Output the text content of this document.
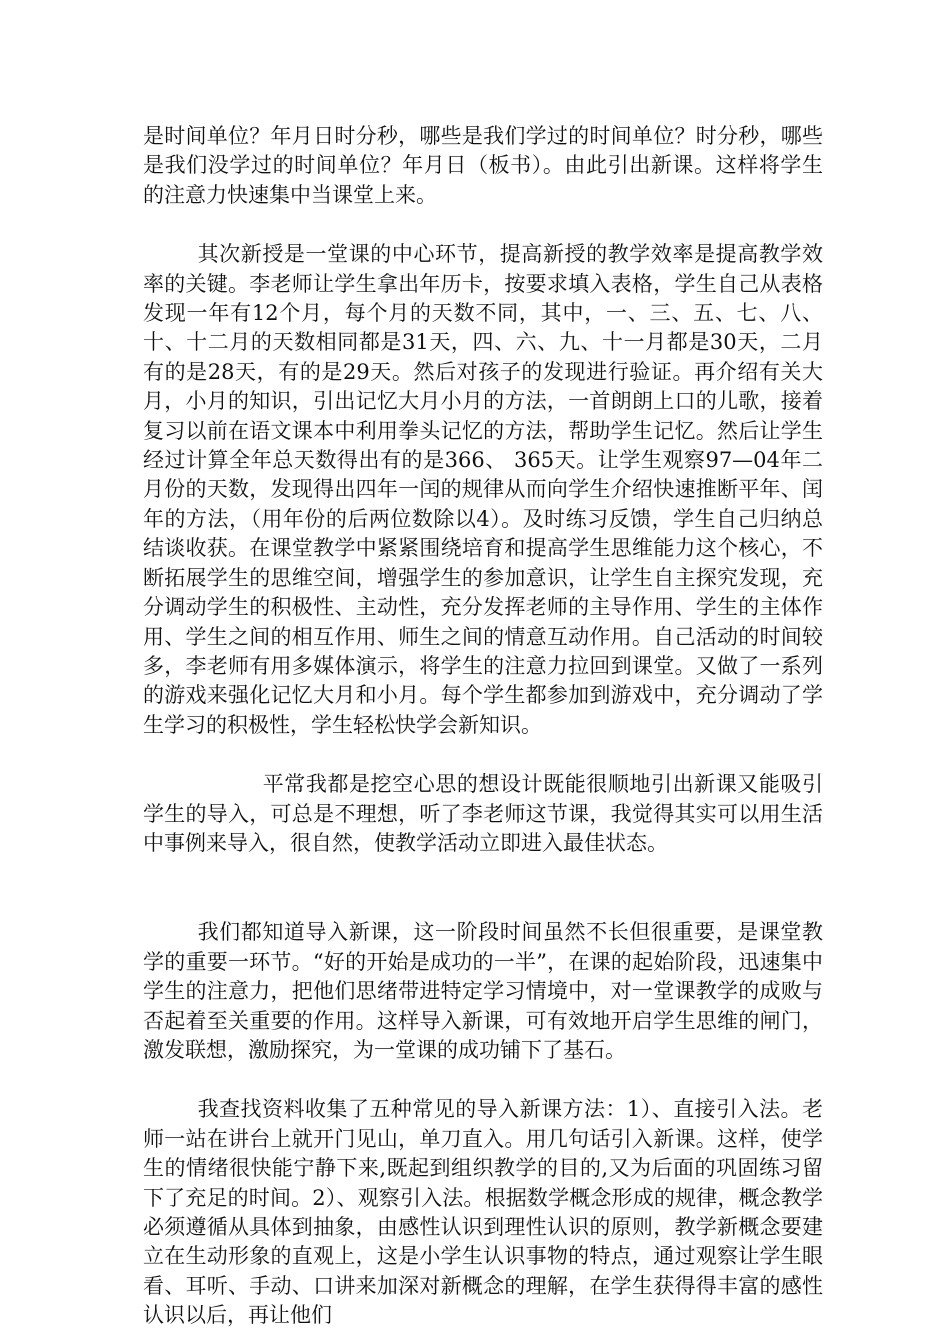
是时间单位？年月日时分秒，哪些是我们学过的时间单位？时分秒，哪些是我们没学过的时间单位？年月日（板书）。由此引出新课。这样将学生的注意力快速集中当课堂上来。

其次新授是一堂课的中心环节，提高新授的教学效率是提高教学效率的关键。李老师让学生拿出年历卡，按要求填入表格，学生自己从表格发现一年有12个月，每个月的天数不同，其中，一、三、五、七、八、十、十二月的天数相同都是31天，四、六、九、十一月都是30天，二月有的是28天，有的是29天。然后对孩子的发现进行验证。再介绍有关大月，小月的知识，引出记忆大月小月的方法，一首朗朗上口的儿歌，接着复习以前在语文课本中利用拳头记忆的方法，帮助学生记忆。然后让学生经过计算全年总天数得出有的是366、 365天。让学生观察97—04年二月份的天数，发现得出四年一闰的规律从而向学生介绍快速推断平年、闰年的方法，（用年份的后两位数除以4）。及时练习反馈，学生自己归纳总结谈收获。在课堂教学中紧紧围绕培育和提高学生思维能力这个核心，不断拓展学生的思维空间，增强学生的参加意识，让学生自主探究发现，充分调动学生的积极性、主动性，充分发挥老师的主导作用、学生的主体作用、学生之间的相互作用、师生之间的情意互动作用。自己活动的时间较多，李老师有用多媒体演示，将学生的注意力拉回到课堂。又做了一系列的游戏来强化记忆大月和小月。每个学生都参加到游戏中，充分调动了学生学习的积极性，学生轻松快学会新知识。

平常我都是挖空心思的想设计既能很顺地引出新课又能吸引学生的导入，可总是不理想，听了李老师这节课，我觉得其实可以用生活中事例来导入，很自然，使教学活动立即进入最佳状态。

我们都知道导入新课，这一阶段时间虽然不长但很重要，是课堂教学的重要一环节。“好的开始是成功的一半”，在课的起始阶段，迅速集中学生的注意力，把他们思绪带进特定学习情境中，对一堂课教学的成败与否起着至关重要的作用。这样导入新课，可有效地开启学生思维的闸门，激发联想，激励探究，为一堂课的成功铺下了基石。

我查找资料收集了五种常见的导入新课方法：1）、直接引入法。老师一站在讲台上就开门见山，单刀直入。用几句话引入新课。这样，使学生的情绪很快能宁静下来,既起到组织教学的目的,又为后面的巩固练习留下了充足的时间。2）、观察引入法。根据数学概念形成的规律，概念教学必须遵循从具体到抽象，由感性认识到理性认识的原则，教学新概念要建立在生动形象的直观上，这是小学生认识事物的特点，通过观察让学生眼看、耳听、手动、口讲来加深对新概念的理解，在学生获得得丰富的感性认识以后，再让他们
